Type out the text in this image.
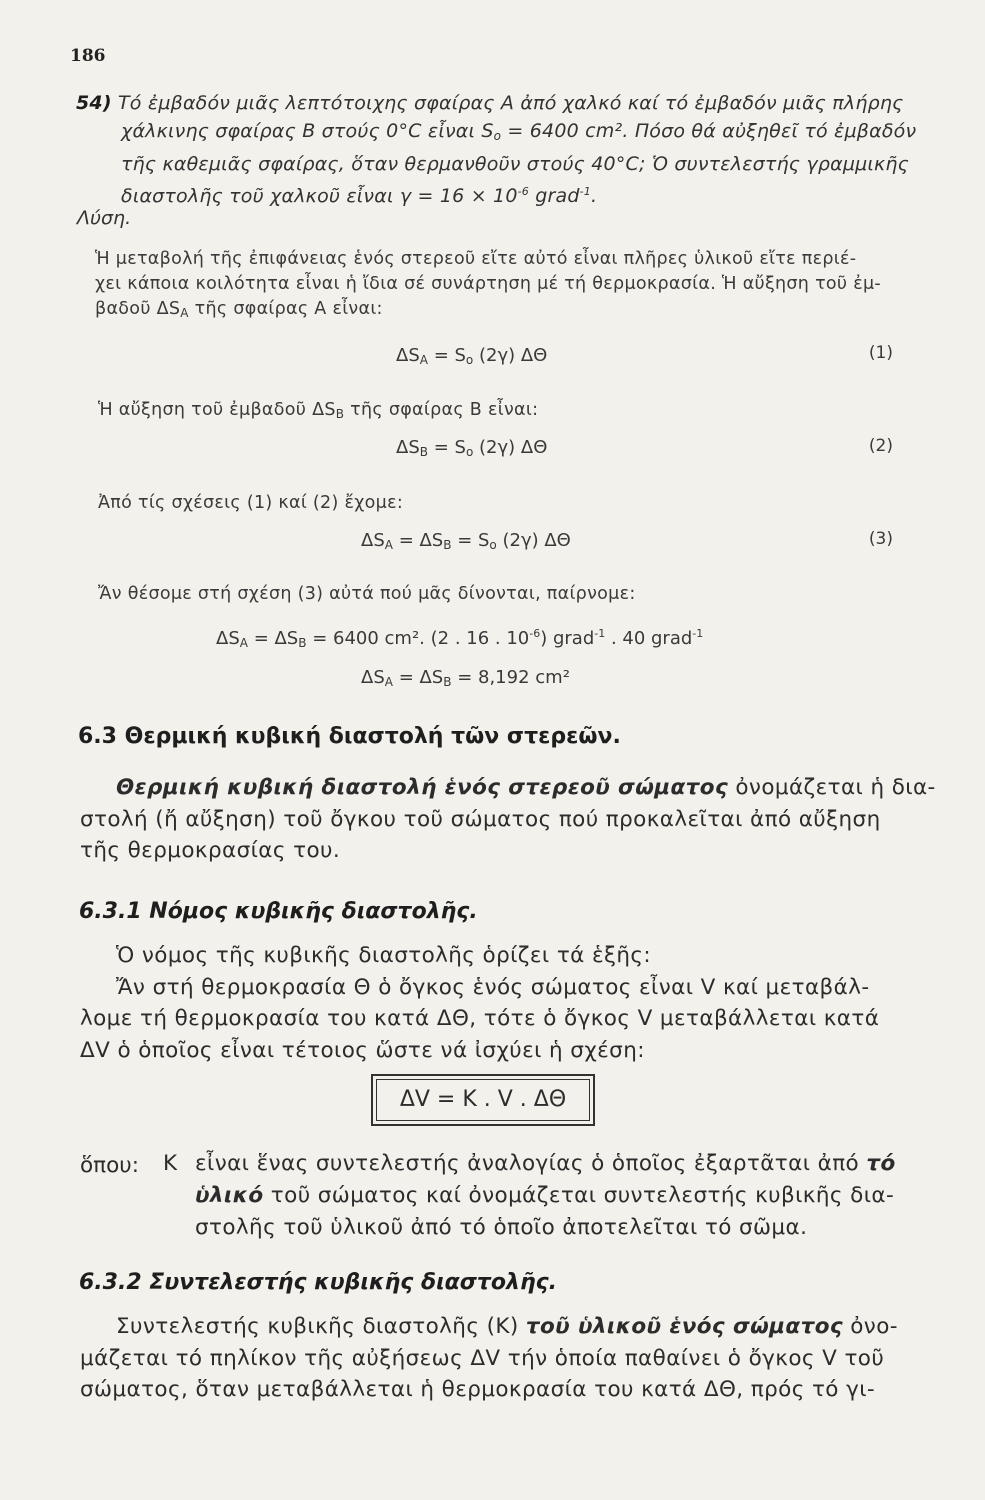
186
54) Τό ἐμβαδόν μιᾶς λεπτότοιχης σφαίρας Α ἀπό χαλκό καί τό ἐμβαδόν μιᾶς πλήρης
χάλκινης σφαίρας Β στούς 0°C εἶναι $S_o = 6400$ cm². Πόσο θά αὐξηθεῖ τό ἐμβαδόν
τῆς καθεμιᾶς σφαίρας, ὅταν θερμανθοῦν στούς 40°C; Ὁ συντελεστής γραμμικῆς
διαστολῆς τοῦ χαλκοῦ εἶναι $\gamma = 16 \times 10^{-6}$ grad$^{-1}$.
Λύση.
Ἡ μεταβολή τῆς ἐπιφάνειας ἑνός στερεοῦ εἴτε αὐτό εἶναι πλῆρες ὑλικοῦ εἴτε περιέ-
χει κάποια κοιλότητα εἶναι ἡ ἴδια σέ συνάρτηση μέ τή θερμοκρασία. Ἡ αὔξηση τοῦ ἐμ-
βαδοῦ $\Delta S_A$ τῆς σφαίρας Α εἶναι:
$\Delta S_A = S_o$ (2γ) ΔΘ	(1)
Ἡ αὔξηση τοῦ ἐμβαδοῦ $\Delta S_B$ τῆς σφαίρας Β εἶναι:
$\Delta S_B = S_o$ (2γ) ΔΘ	(2)
Ἀπό τίς σχέσεις (1) καί (2) ἔχομε:
$\Delta S_A = \Delta S_B = S_o$ (2γ) ΔΘ	(3)
Ἄν θέσομε στή σχέση (3) αὐτά πού μᾶς δίνονται, παίρνομε:
$\Delta S_A = \Delta S_B = 6400$ cm². (2 . 16 . $10^{-6}$) grad$^{-1}$ . 40 grad$^{-1}$
$\Delta S_A = \Delta S_B = 8,192$ cm²
6.3 Θερμική κυβική διαστολή τῶν στερεῶν.
Θερμική κυβική διαστολή ἑνός στερεοῦ σώματος ὀνομάζεται ἡ δια-
στολή (ἤ αὔξηση) τοῦ ὄγκου τοῦ σώματος πού προκαλεῖται ἀπό αὔξηση
τῆς θερμοκρασίας του.
6.3.1 Νόμος κυβικῆς διαστολῆς.
Ὁ νόμος τῆς κυβικῆς διαστολῆς ὁρίζει τά ἑξῆς:
Ἄν στή θερμοκρασία Θ ὁ ὄγκος ἑνός σώματος εἶναι V καί μεταβάλ-
λομε τή θερμοκρασία του κατά ΔΘ, τότε ὁ ὄγκος V μεταβάλλεται κατά
ΔV ὁ ὁποῖος εἶναι τέτοιος ὥστε νά ἰσχύει ἡ σχέση:
ΔV = K . V . ΔΘ
ὅπου: K εἶναι ἕνας συντελεστής ἀναλογίας ὁ ὁποῖος ἐξαρτᾶται ἀπό τό
ὑλικό τοῦ σώματος καί ὀνομάζεται συντελεστής κυβικῆς δια-
στολῆς τοῦ ὑλικοῦ ἀπό τό ὁποῖο ἀποτελεῖται τό σῶμα.
6.3.2 Συντελεστής κυβικῆς διαστολῆς.
Συντελεστής κυβικῆς διαστολῆς (K) τοῦ ὑλικοῦ ἑνός σώματος ὀνο-
μάζεται τό πηλίκον τῆς αὐξήσεως ΔV τήν ὁποία παθαίνει ὁ ὄγκος V τοῦ
σώματος, ὅταν μεταβάλλεται ἡ θερμοκρασία του κατά ΔΘ, πρός τό γι-
